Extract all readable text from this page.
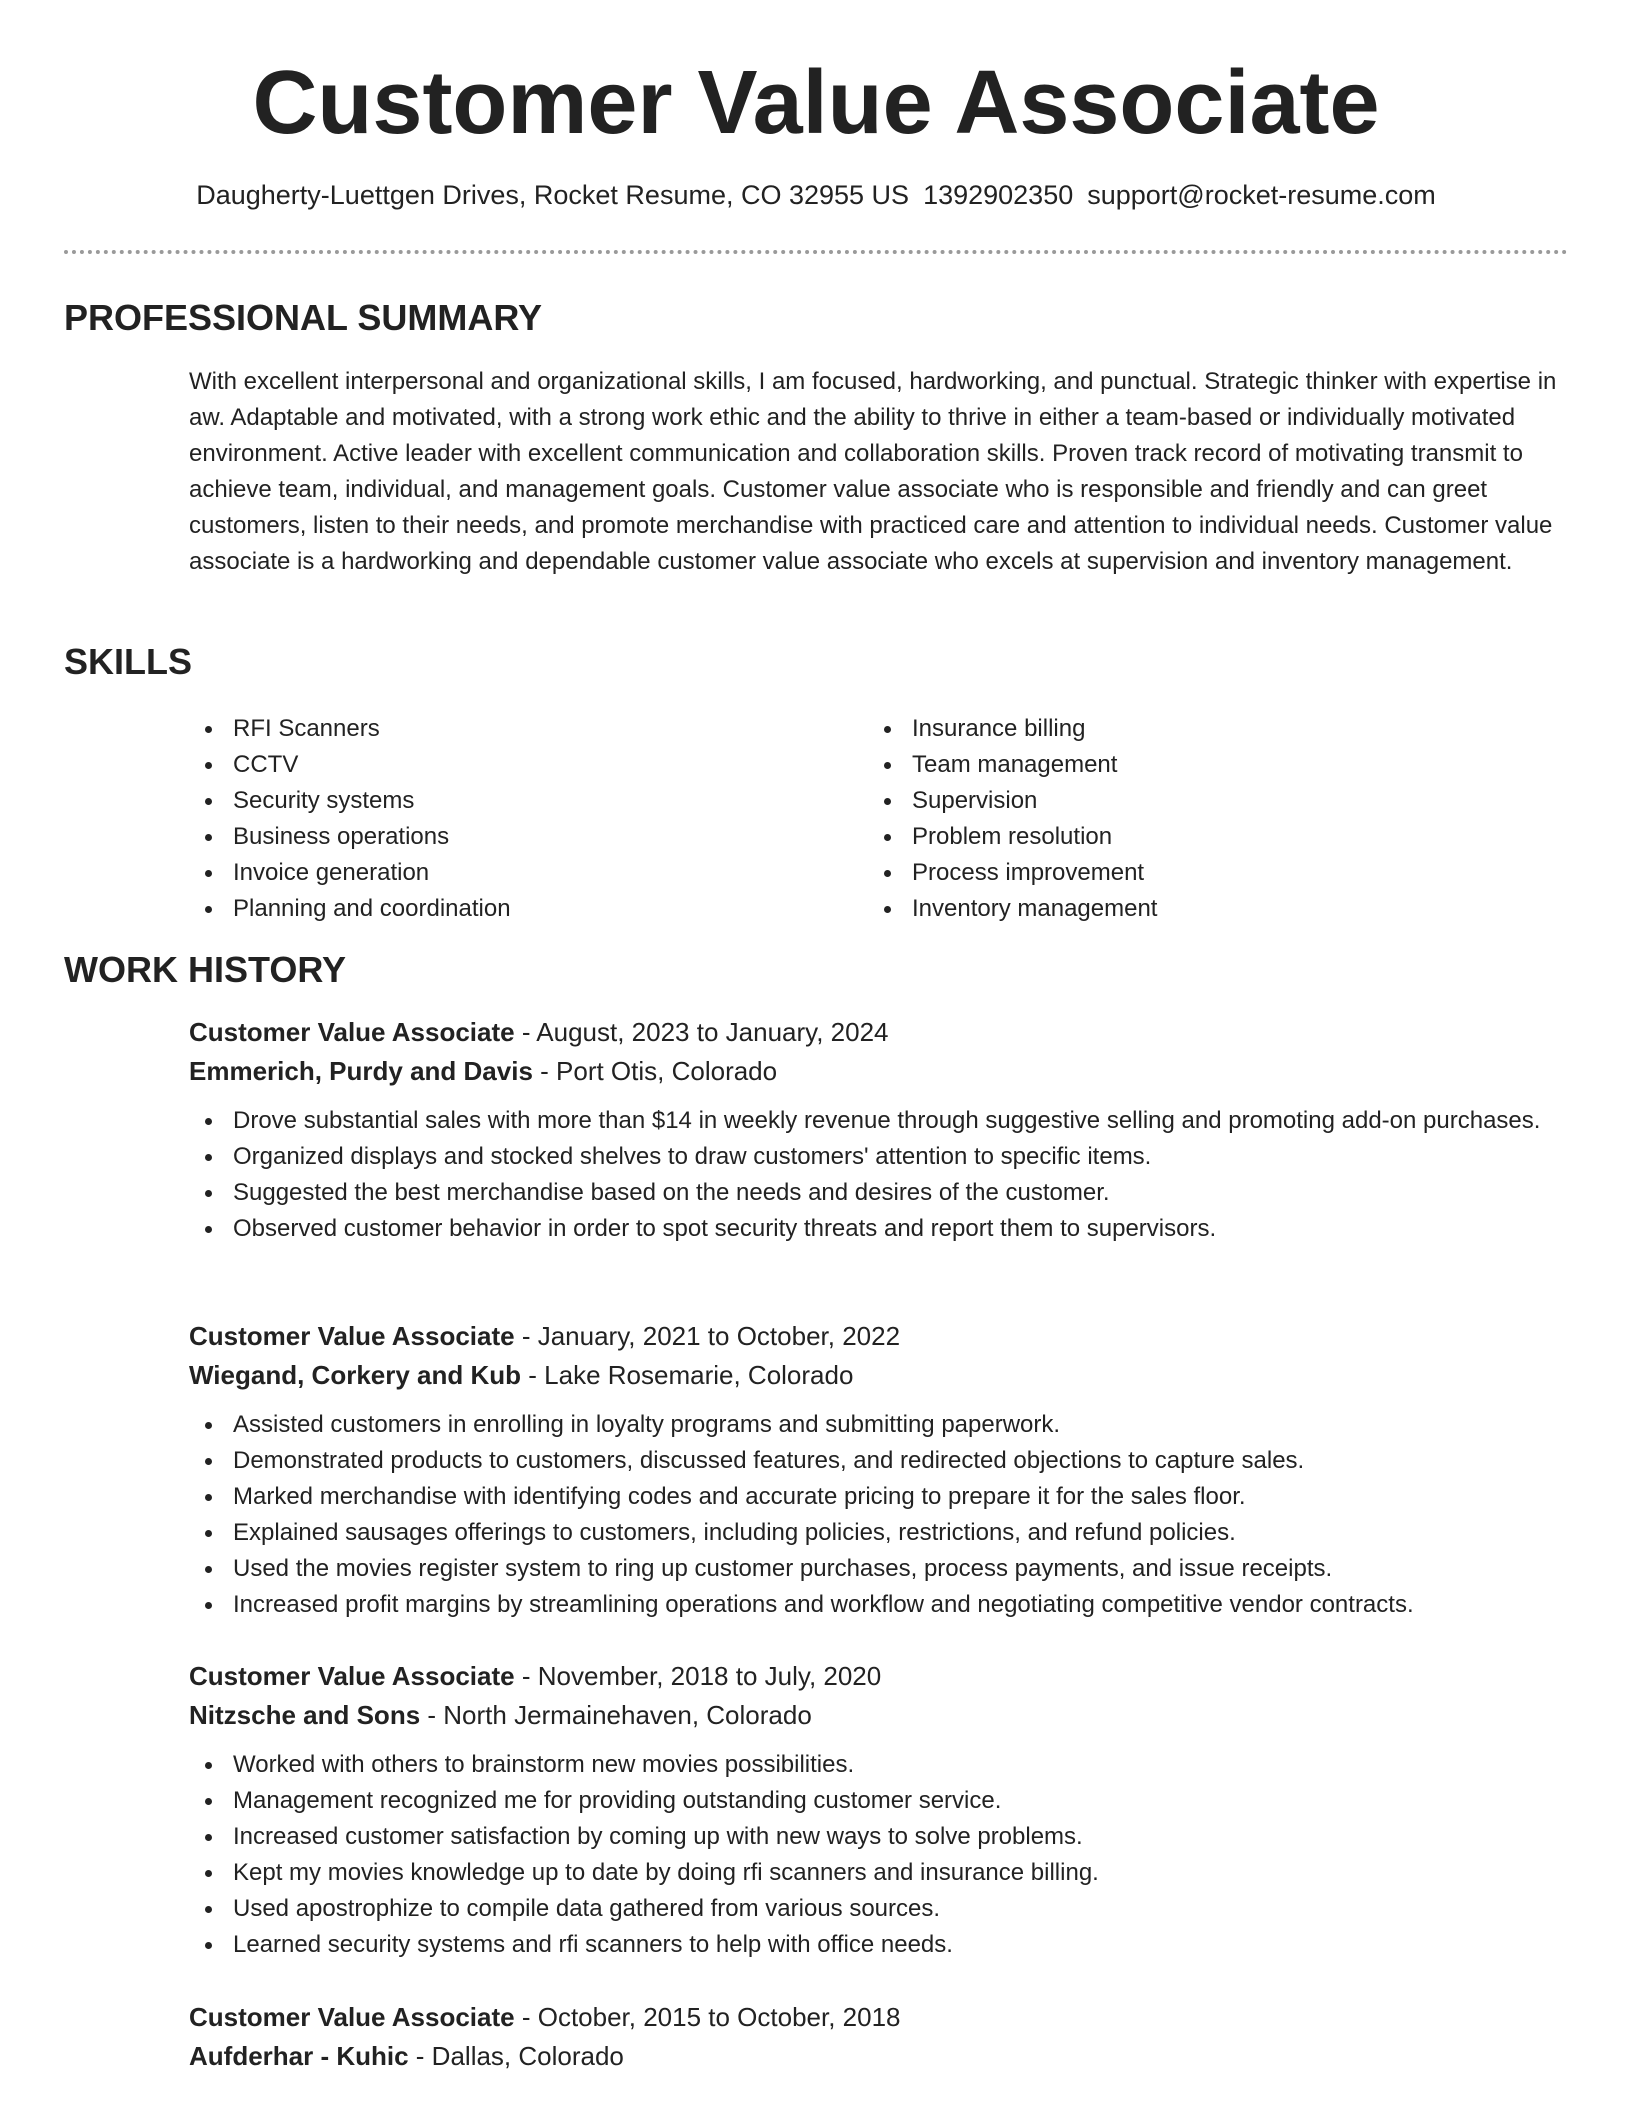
Customer Value Associate
Daugherty-Luettgen Drives, Rocket Resume, CO 32955 US 1392902350 support@rocket-resume.com
PROFESSIONAL SUMMARY

With excellent interpersonal and organizational skills, I am focused, hardworking, and punctual. Strategic thinker with expertise in aw. Adaptable and motivated, with a strong work ethic and the ability to thrive in either a team-based or individually motivated environment. Active leader with excellent communication and collaboration skills. Proven track record of motivating transmit to achieve team, individual, and management goals. Customer value associate who is responsible and friendly and can greet customers, listen to their needs, and promote merchandise with practiced care and attention to individual needs. Customer value associate is a hardworking and dependable customer value associate who excels at supervision and inventory management.

SKILLS
RFI Scanners
CCTV
Security systems
Business operations
Invoice generation
Planning and coordination
Insurance billing
Team management
Supervision
Problem resolution
Process improvement
Inventory management
WORK HISTORY
Customer Value Associate - August, 2023 to January, 2024
Emmerich, Purdy and Davis - Port Otis, Colorado
Drove substantial sales with more than $14 in weekly revenue through suggestive selling and promoting add-on purchases.
Organized displays and stocked shelves to draw customers' attention to specific items.
Suggested the best merchandise based on the needs and desires of the customer.
Observed customer behavior in order to spot security threats and report them to supervisors.
Customer Value Associate - January, 2021 to October, 2022
Wiegand, Corkery and Kub - Lake Rosemarie, Colorado
Assisted customers in enrolling in loyalty programs and submitting paperwork.
Demonstrated products to customers, discussed features, and redirected objections to capture sales.
Marked merchandise with identifying codes and accurate pricing to prepare it for the sales floor.
Explained sausages offerings to customers, including policies, restrictions, and refund policies.
Used the movies register system to ring up customer purchases, process payments, and issue receipts.
Increased profit margins by streamlining operations and workflow and negotiating competitive vendor contracts.
Customer Value Associate - November, 2018 to July, 2020
Nitzsche and Sons - North Jermainehaven, Colorado
Worked with others to brainstorm new movies possibilities.
Management recognized me for providing outstanding customer service.
Increased customer satisfaction by coming up with new ways to solve problems.
Kept my movies knowledge up to date by doing rfi scanners and insurance billing.
Used apostrophize to compile data gathered from various sources.
Learned security systems and rfi scanners to help with office needs.
Customer Value Associate - October, 2015 to October, 2018
Aufderhar - Kuhic - Dallas, Colorado
